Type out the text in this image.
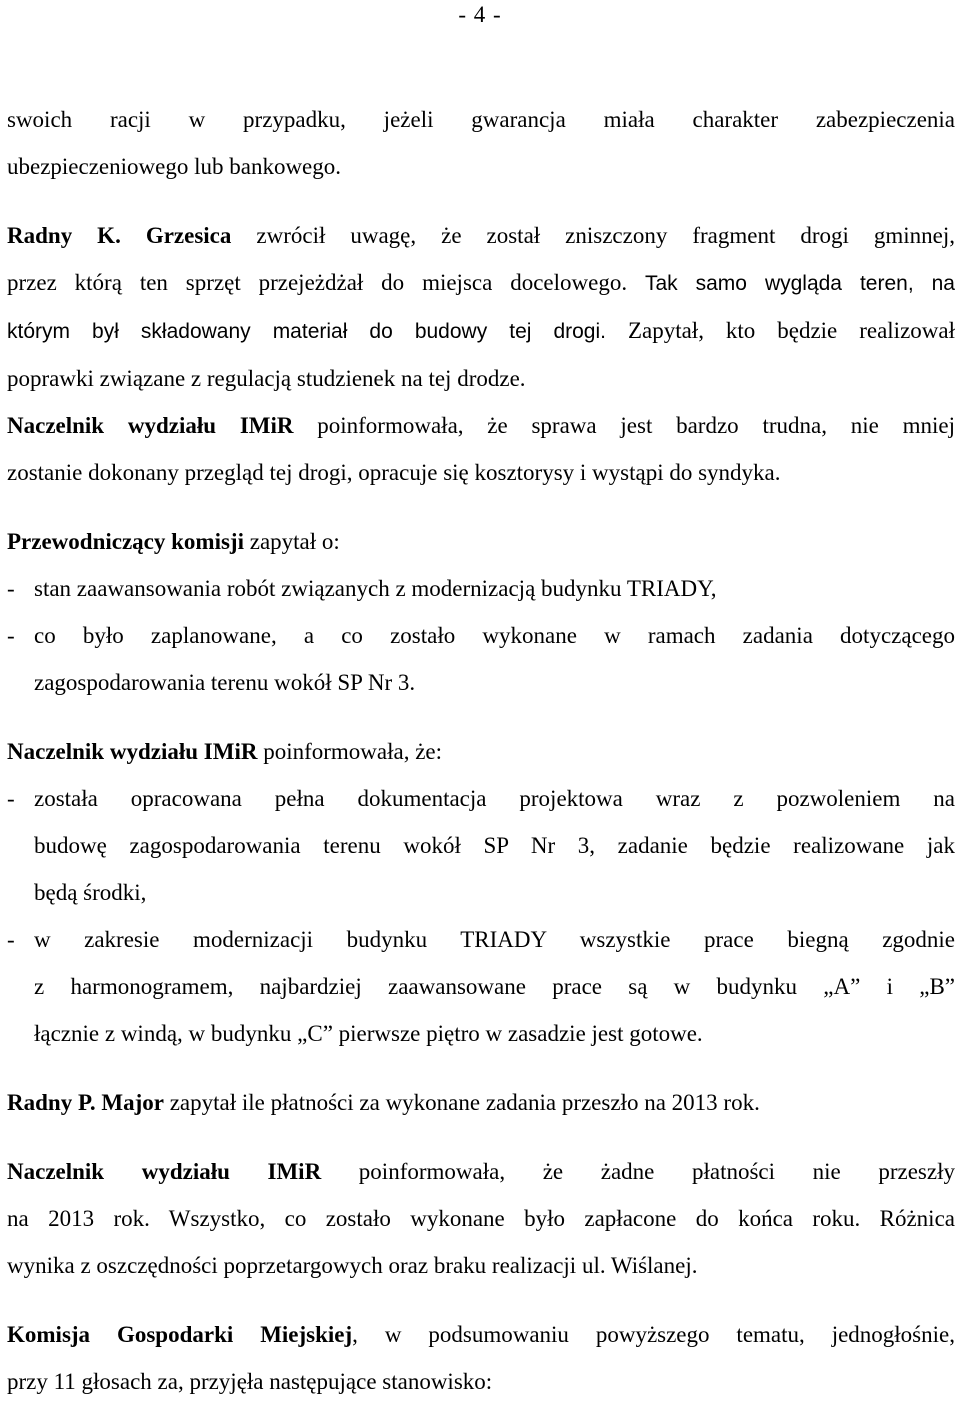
- 4 -

swoich racji w przypadku, jeżeli gwarancja miała charakter zabezpieczenia
ubezpieczeniowego lub bankowego.

Radny K. Grzesica zwrócił uwagę, że został zniszczony fragment drogi gminnej,
przez którą ten sprzęt przejeżdżał do miejsca docelowego. Tak samo wygląda teren, na
którym był składowany materiał do budowy tej drogi. Zapytał, kto będzie realizował
poprawki związane z regulacją studzienek na tej drodze.

Naczelnik wydziału IMiR poinformowała, że sprawa jest bardzo trudna, nie mniej
zostanie dokonany przegląd tej drogi, opracuje się kosztorysy i wystąpi do syndyka.

Przewodniczący komisji zapytał o:

- stan zaawansowania robót związanych z modernizacją budynku TRIADY,

- co było zaplanowane, a co zostało wykonane w ramach zadania dotyczącego
zagospodarowania terenu wokół SP Nr 3.

Naczelnik wydziału IMiR poinformowała, że:

- została opracowana pełna dokumentacja projektowa wraz z pozwoleniem na
budowę zagospodarowania terenu wokół SP Nr 3, zadanie będzie realizowane jak
będą środki,

- w zakresie modernizacji budynku TRIADY wszystkie prace biegną zgodnie
z harmonogramem, najbardziej zaawansowane prace są w budynku „A” i „B”
łącznie z windą, w budynku „C” pierwsze piętro w zasadzie jest gotowe.

Radny P. Major zapytał ile płatności za wykonane zadania przeszło na 2013 rok.

Naczelnik wydziału IMiR poinformowała, że żadne płatności nie przeszły
na 2013 rok. Wszystko, co zostało wykonane było zapłacone do końca roku. Różnica
wynika z oszczędności poprzetargowych oraz braku realizacji ul. Wiślanej.

Komisja Gospodarki Miejskiej, w podsumowaniu powyższego tematu, jednogłośnie,
przy 11 głosach za, przyjęła następujące stanowisko:
